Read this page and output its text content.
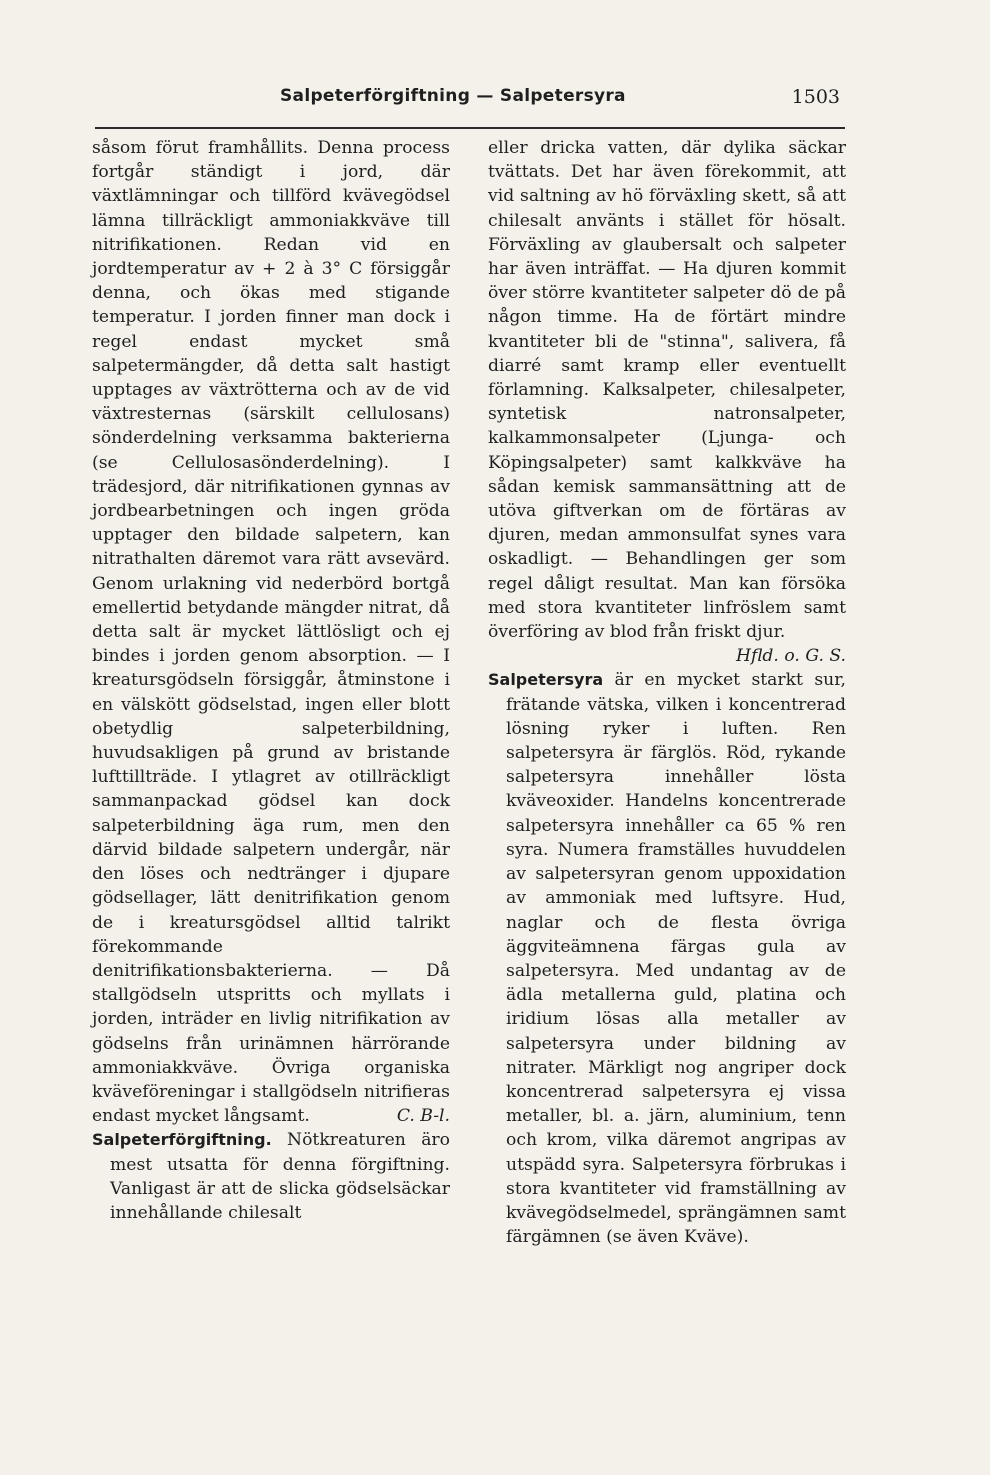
Salpeterförgiftning — Salpetersyra	1503

såsom förut framhållits. Denna process fortgår ständigt i jord, där växtlämningar och tillförd kvävegödsel lämna tillräckligt ammoniakkväve till nitrifikationen. Redan vid en jordtemperatur av + 2 à 3° C försiggår denna, och ökas med stigande temperatur. I jorden finner man dock i regel endast mycket små salpetermängder, då detta salt hastigt upptages av växtrötterna och av de vid växtresternas (särskilt cellulosans) sönderdelning verksamma bakterierna (se Cellulosasönderdelning). I trädesjord, där nitrifikationen gynnas av jordbearbetningen och ingen gröda upptager den bildade salpetern, kan nitrathalten däremot vara rätt avsevärd. Genom urlakning vid nederbörd bortgå emellertid betydande mängder nitrat, då detta salt är mycket lättlösligt och ej bindes i jorden genom absorption. — I kreatursgödseln försiggår, åtminstone i en välskött gödselstad, ingen eller blott obetydlig salpeterbildning, huvudsakligen på grund av bristande lufttillträde. I ytlagret av otillräckligt sammanpackad gödsel kan dock salpeterbildning äga rum, men den därvid bildade salpetern undergår, när den löses och nedtränger i djupare gödsellager, lätt denitrifikation genom de i kreatursgödsel alltid talrikt förekommande denitrifikationsbakterierna. — Då stallgödseln utspritts och myllats i jorden, inträder en livlig nitrifikation av gödselns från urinämnen härrörande ammoniakkväve. Övriga organiska kväveföreningar i stallgödseln nitrifieras endast mycket långsamt.	C. B-l.

Salpeterförgiftning. Nötkreaturen äro mest utsatta för denna förgiftning. Vanligast är att de slicka gödselsäckar innehållande chilesalt

eller dricka vatten, där dylika säckar tvättats. Det har även förekommit, att vid saltning av hö förväxling skett, så att chilesalt använts i stället för hösalt. Förväxling av glaubersalt och salpeter har även inträffat. — Ha djuren kommit över större kvantiteter salpeter dö de på någon timme. Ha de förtärt mindre kvantiteter bli de "stinna", salivera, få diarré samt kramp eller eventuellt förlamning. Kalksalpeter, chilesalpeter, syntetisk natronsalpeter, kalkammonsalpeter (Ljunga- och Köpingsalpeter) samt kalkkväve ha sådan kemisk sammansättning att de utöva giftverkan om de förtäras av djuren, medan ammonsulfat synes vara oskadligt. — Behandlingen ger som regel dåligt resultat. Man kan försöka med stora kvantiteter linfröslem samt överföring av blod från friskt djur.
Hfld. o. G. S.

Salpetersyra är en mycket starkt sur, frätande vätska, vilken i koncentrerad lösning ryker i luften. Ren salpetersyra är färglös. Röd, rykande salpetersyra innehåller lösta kväveoxider. Handelns koncentrerade salpetersyra innehåller ca 65 % ren syra. Numera framställes huvuddelen av salpetersyran genom uppoxidation av ammoniak med luftsyre. Hud, naglar och de flesta övriga äggviteämnena färgas gula av salpetersyra. Med undantag av de ädla metallerna guld, platina och iridium lösas alla metaller av salpetersyra under bildning av nitrater. Märkligt nog angriper dock koncentrerad salpetersyra ej vissa metaller, bl. a. järn, aluminium, tenn och krom, vilka däremot angripas av utspädd syra. Salpetersyra förbrukas i stora kvantiteter vid framställning av kvävegödselmedel, sprängämnen samt färgämnen (se även Kväve).
